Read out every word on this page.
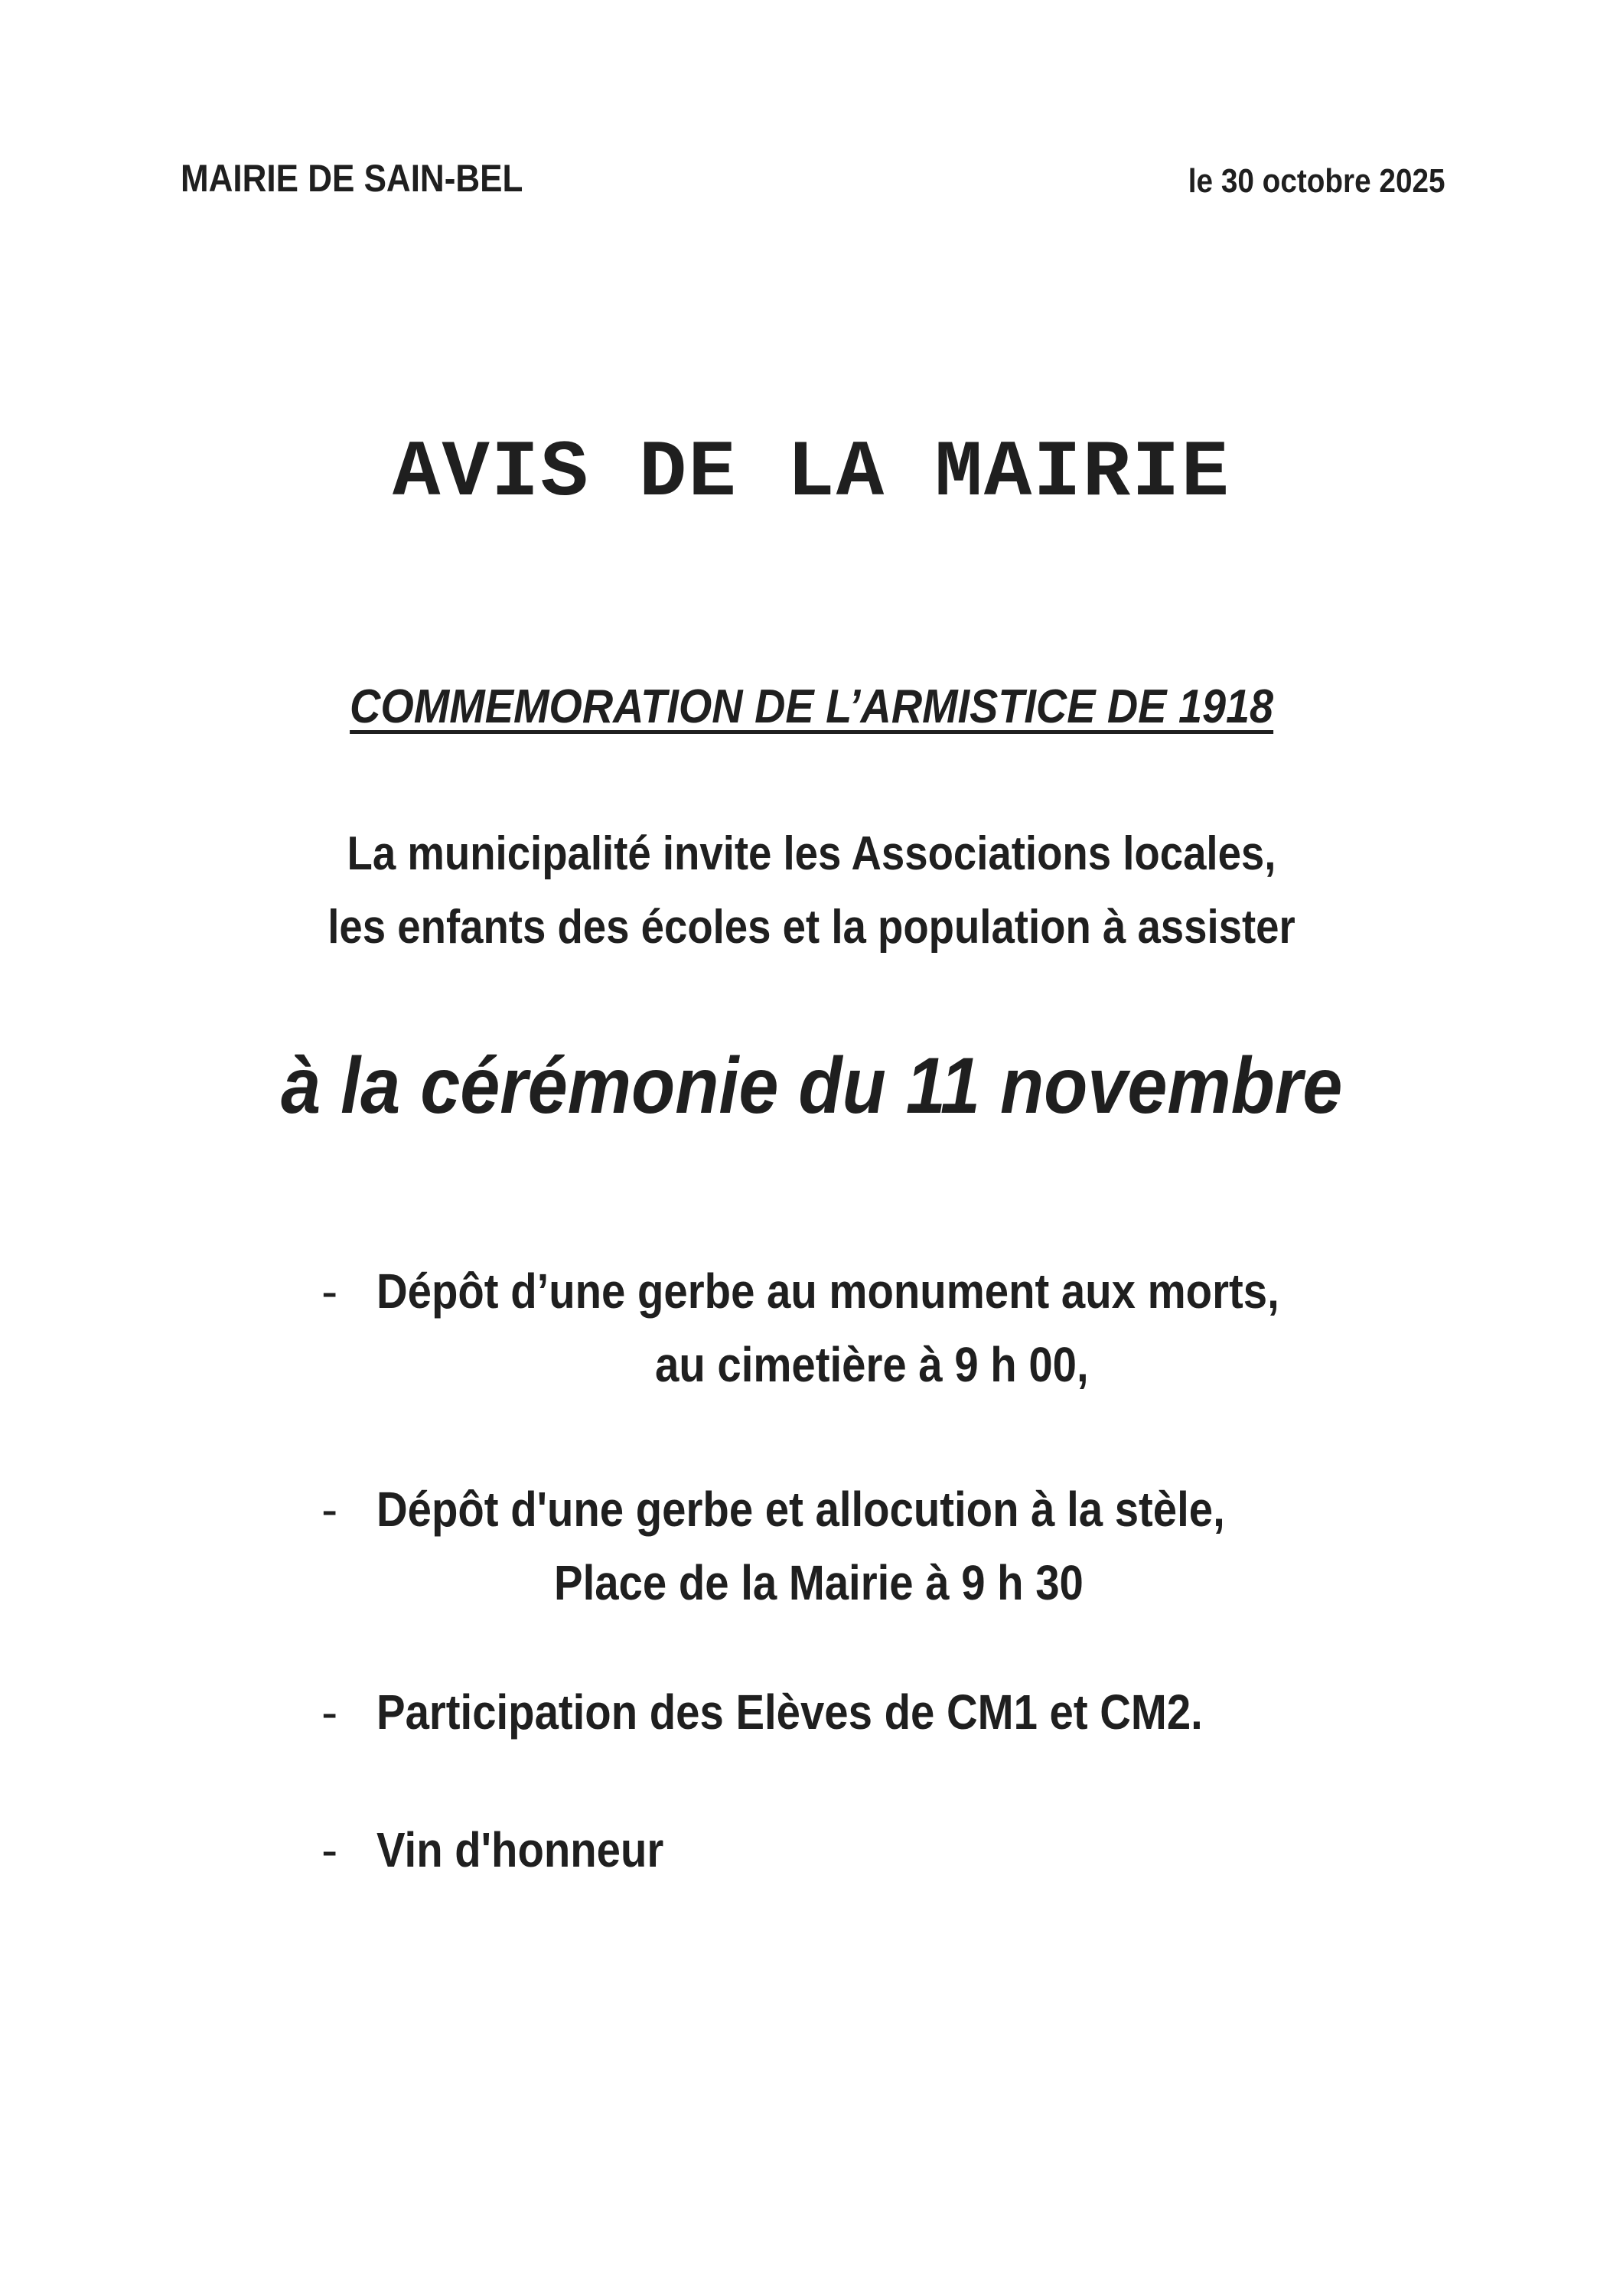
MAIRIE DE SAIN-BEL	le 30 octobre 2025
AVIS DE LA MAIRIE
COMMEMORATION DE L’ARMISTICE DE 1918
La municipalité invite les Associations locales,
les enfants des écoles et la population à assister
à la cérémonie du 11 novembre
- Dépôt d’une gerbe au monument aux morts,
au cimetière à 9 h 00,
- Dépôt d'une gerbe et allocution à la stèle,
Place de la Mairie à 9 h 30
- Participation des Elèves de CM1 et CM2.
- Vin d'honneur
